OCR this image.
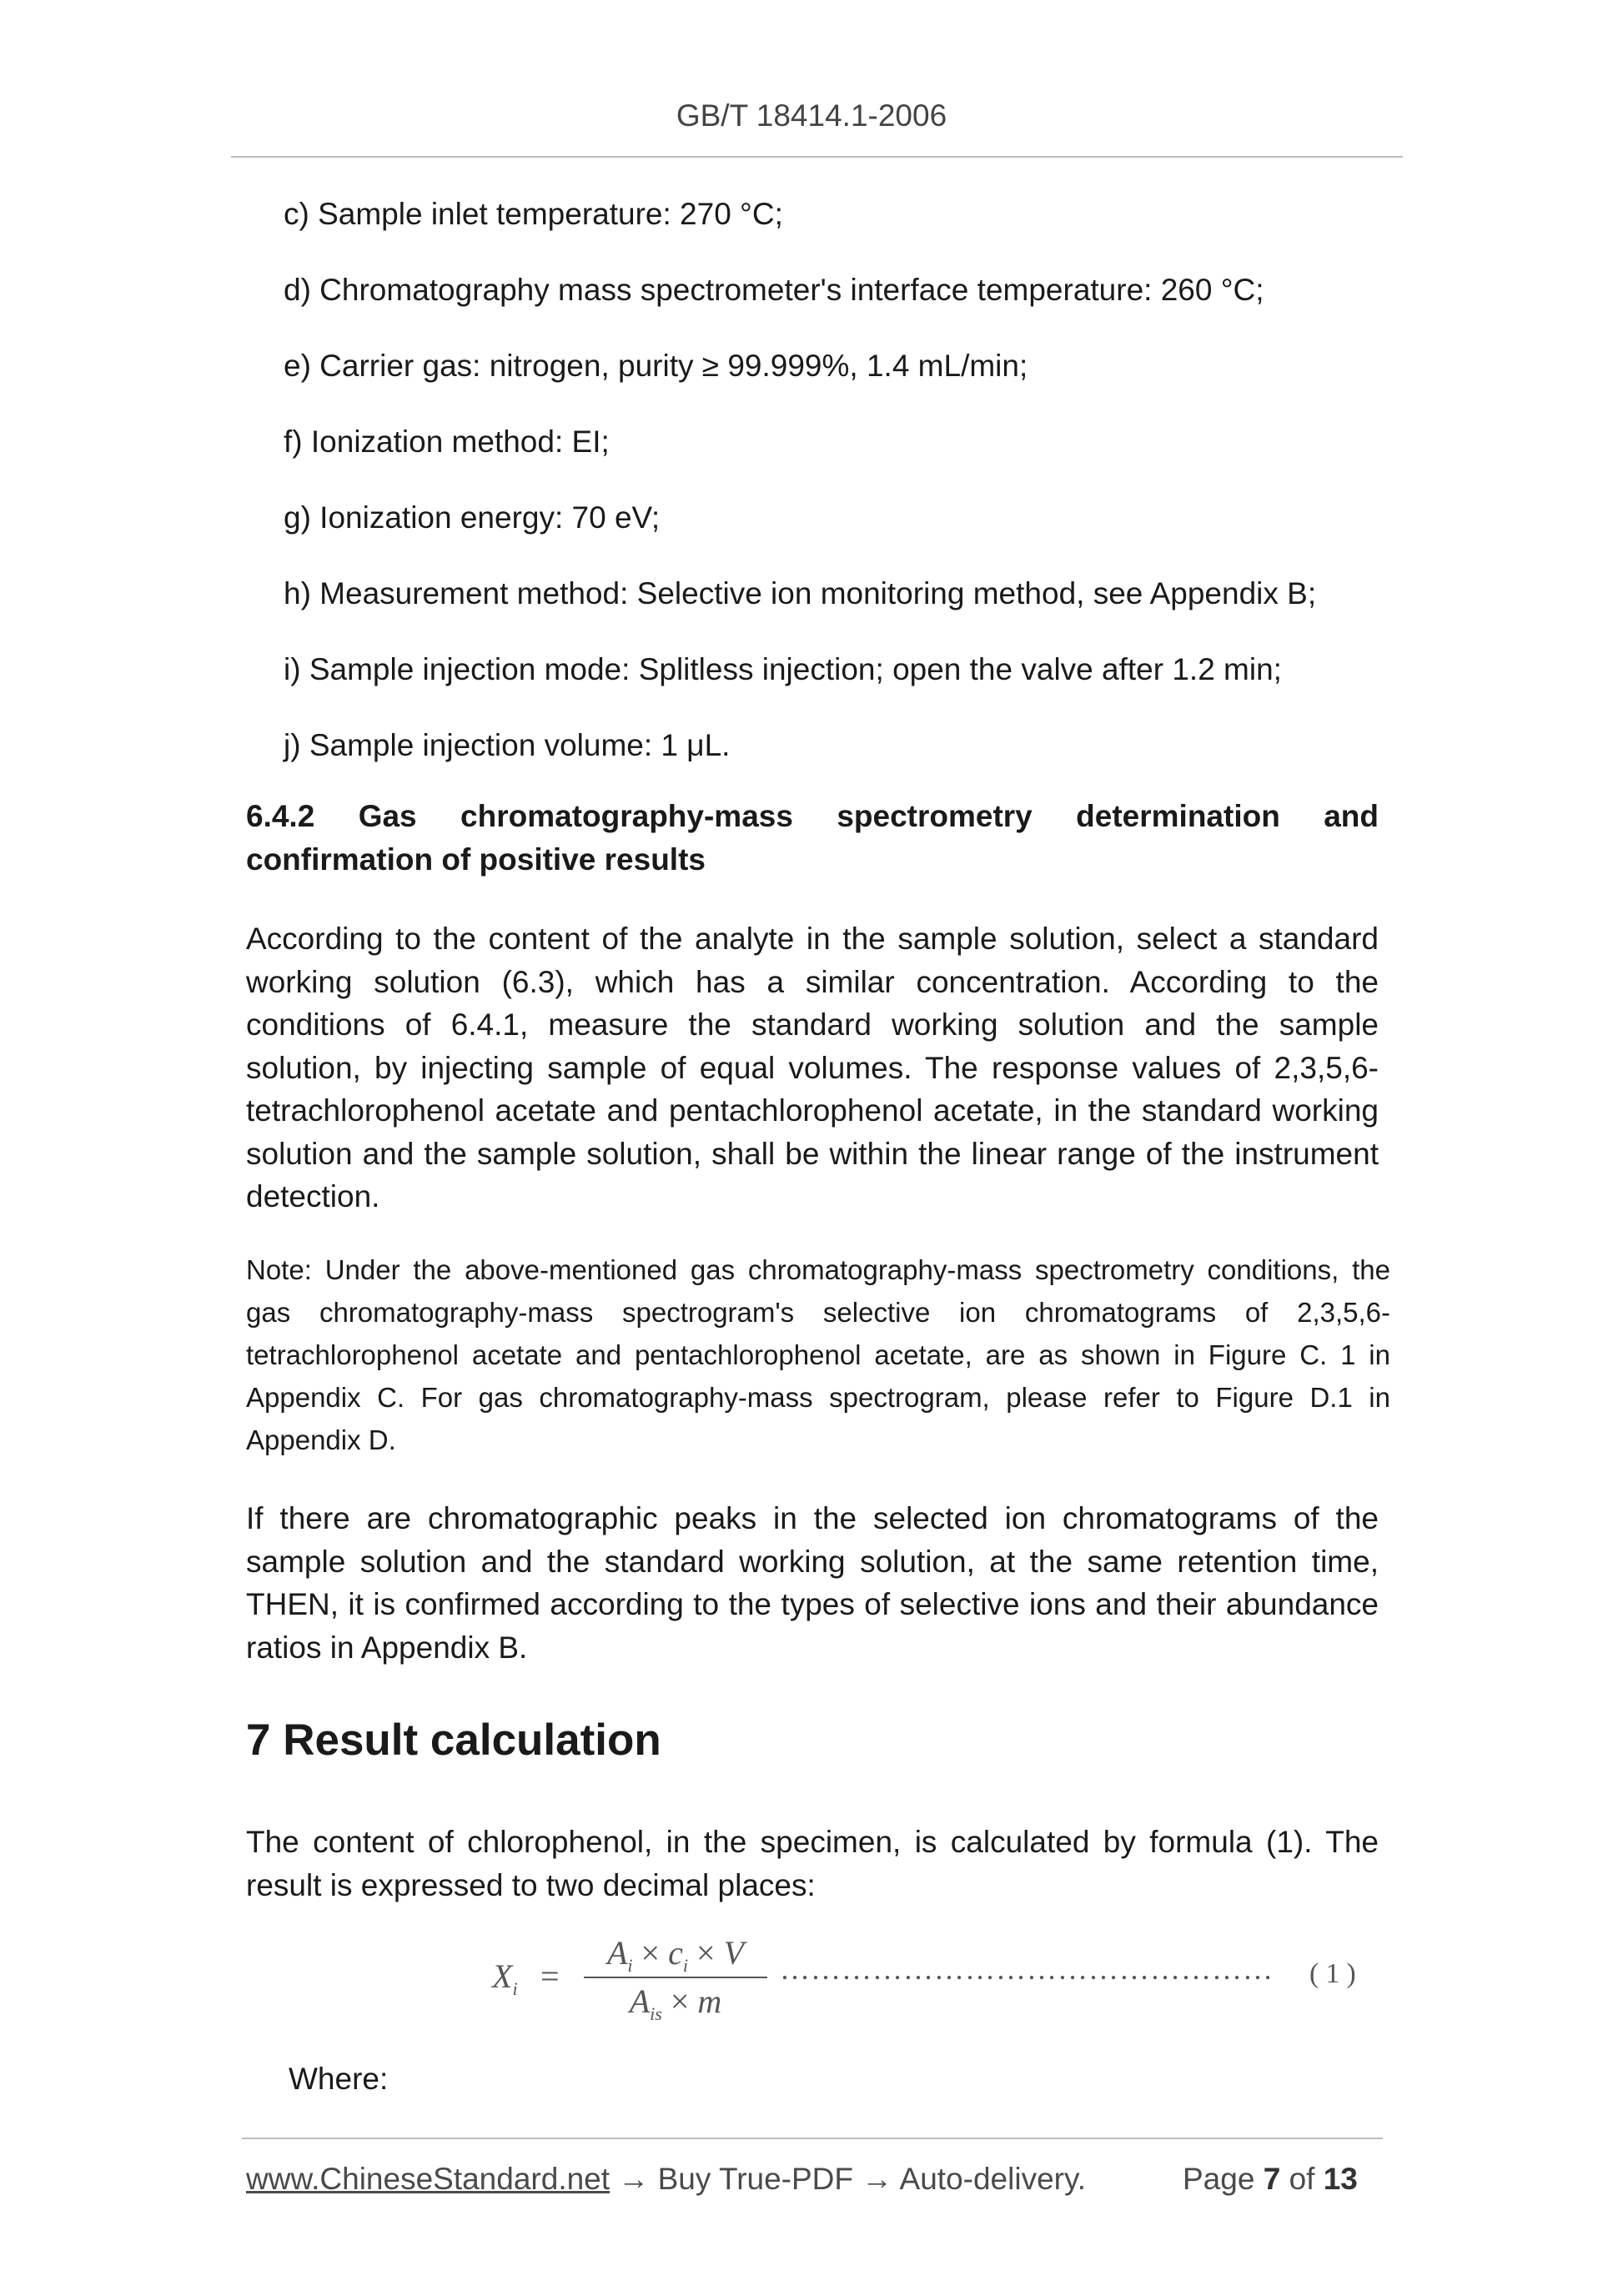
GB/T 18414.1-2006
c) Sample inlet temperature: 270 °C;
d) Chromatography mass spectrometer's interface temperature: 260 °C;
e) Carrier gas: nitrogen, purity ≥ 99.999%, 1.4 mL/min;
f) Ionization method: EI;
g) Ionization energy: 70 eV;
h) Measurement method: Selective ion monitoring method, see Appendix B;
i) Sample injection mode: Splitless injection; open the valve after 1.2 min;
j) Sample injection volume: 1 μL.
6.4.2 Gas chromatography-mass spectrometry determination and confirmation of positive results
According to the content of the analyte in the sample solution, select a standard working solution (6.3), which has a similar concentration. According to the conditions of 6.4.1, measure the standard working solution and the sample solution, by injecting sample of equal volumes. The response values of 2,3,5,6-tetrachlorophenol acetate and pentachlorophenol acetate, in the standard working solution and the sample solution, shall be within the linear range of the instrument detection.
Note: Under the above-mentioned gas chromatography-mass spectrometry conditions, the gas chromatography-mass spectrogram's selective ion chromatograms of 2,3,5,6-tetrachlorophenol acetate and pentachlorophenol acetate, are as shown in Figure C. 1 in Appendix C. For gas chromatography-mass spectrogram, please refer to Figure D.1 in Appendix D.
If there are chromatographic peaks in the selected ion chromatograms of the sample solution and the standard working solution, at the same retention time, THEN, it is confirmed according to the types of selective ions and their abundance ratios in Appendix B.
7 Result calculation
The content of chlorophenol, in the specimen, is calculated by formula (1). The result is expressed to two decimal places:
$X_i$ =
$A_i \times c_i \times V$
$A_{is} \times m$
………………………………………… (1)
Where:
www.ChineseStandard.net → Buy True-PDF → Auto-delivery.	Page 7 of 13
